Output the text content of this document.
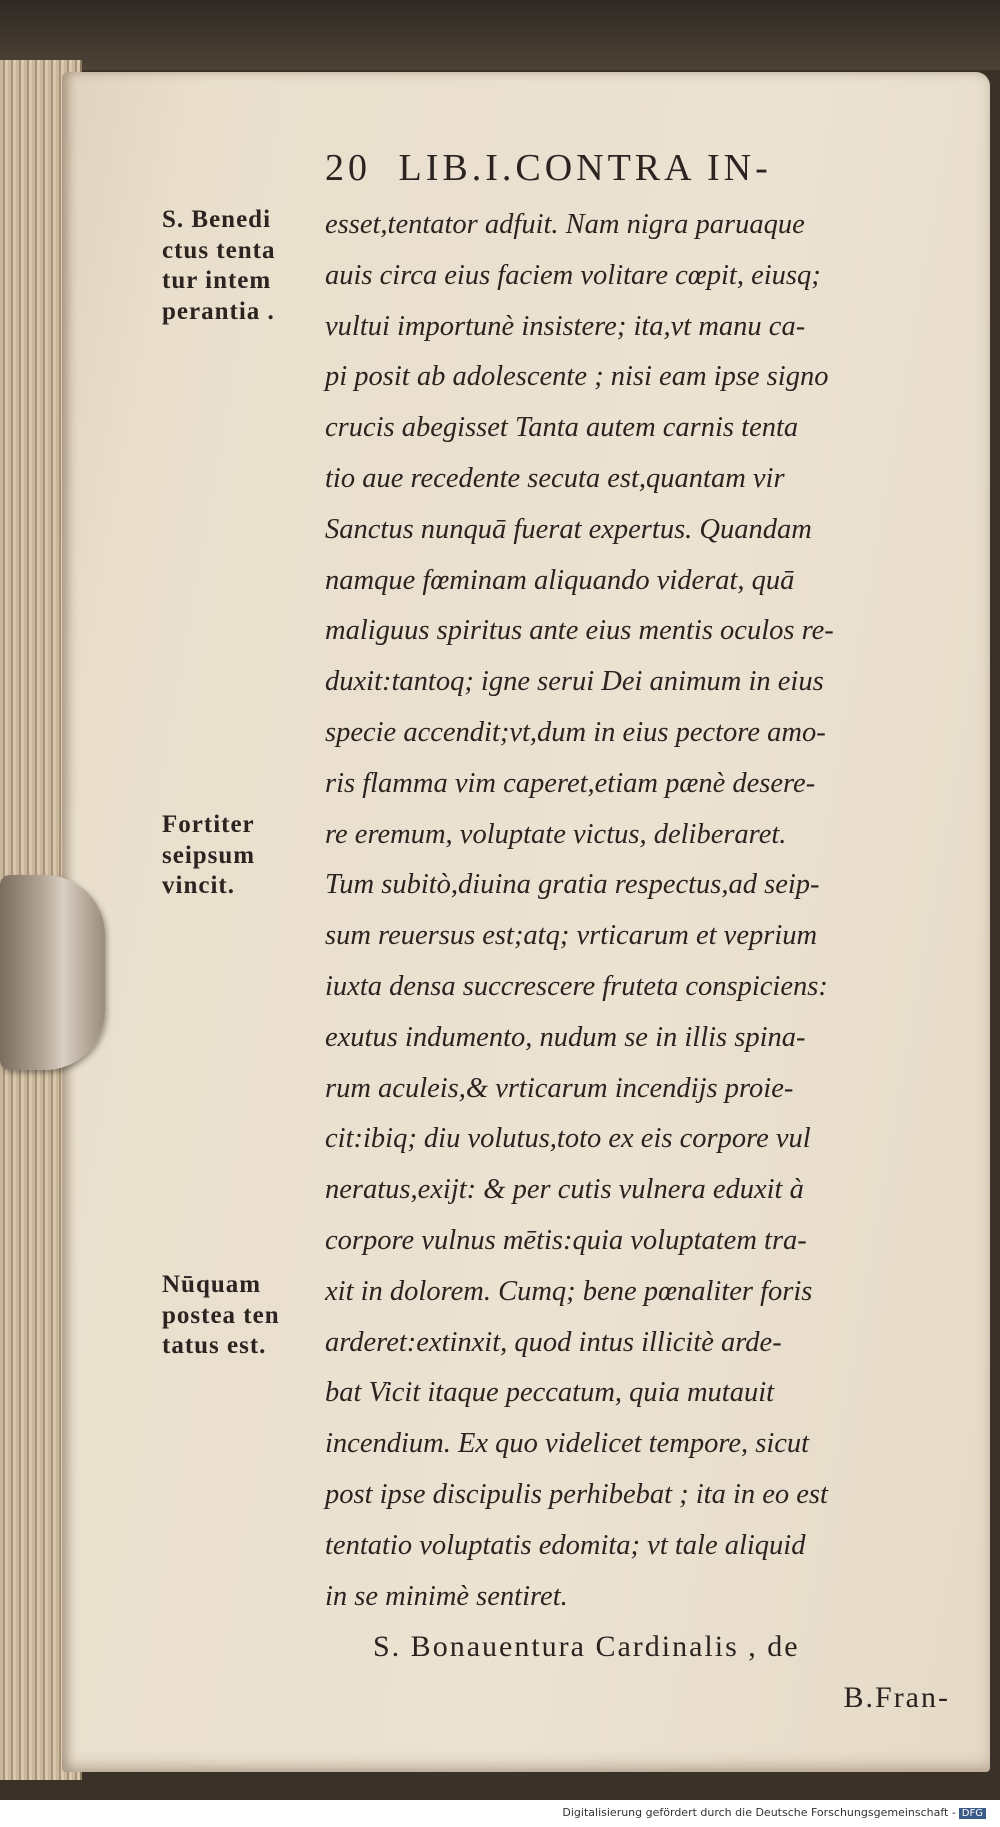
20 LIB.I.CONTRA IN-
S. Benedi
ctus tenta
tur intem
perantia .
Fortiter
seipsum
vincit.
Nūquam
postea ten
tatus est.
esset,tentator adfuit. Nam nigra paruaque
auis circa eius faciem volitare cœpit, eiusq;
vultui importunè insistere; ita,vt manu ca-
pi posit ab adolescente ; nisi eam ipse signo
crucis abegisset Tanta autem carnis tenta
tio aue recedente secuta est,quantam vir
Sanctus nunquā fuerat expertus. Quandam
namque fœminam aliquando viderat, quā
maliguus spiritus ante eius mentis oculos re-
duxit:tantoq; igne serui Dei animum in eius
specie accendit;vt,dum in eius pectore amo-
ris flamma vim caperet,etiam pænè desere-
re eremum, voluptate victus, deliberaret.
Tum subitò,diuina gratia respectus,ad seip-
sum reuersus est;atq; vrticarum et veprium
iuxta densa succrescere fruteta conspiciens:
exutus indumento, nudum se in illis spina-
rum aculeis,& vrticarum incendijs proie-
cit:ibiq; diu volutus,toto ex eis corpore vul
neratus,exijt: & per cutis vulnera eduxit à
corpore vulnus mētis:quia voluptatem tra-
xit in dolorem. Cumq; bene pœnaliter foris
arderet:extinxit, quod intus illicitè arde-
bat Vicit itaque peccatum, quia mutauit
incendium. Ex quo videlicet tempore, sicut
post ipse discipulis perhibebat ; ita in eo est
tentatio voluptatis edomita; vt tale aliquid
in se minimè sentiret.
S. Bonauentura Cardinalis , de
B.Fran-
Digitalisierung gefördert durch die Deutsche Forschungsgemeinschaft - DFG
